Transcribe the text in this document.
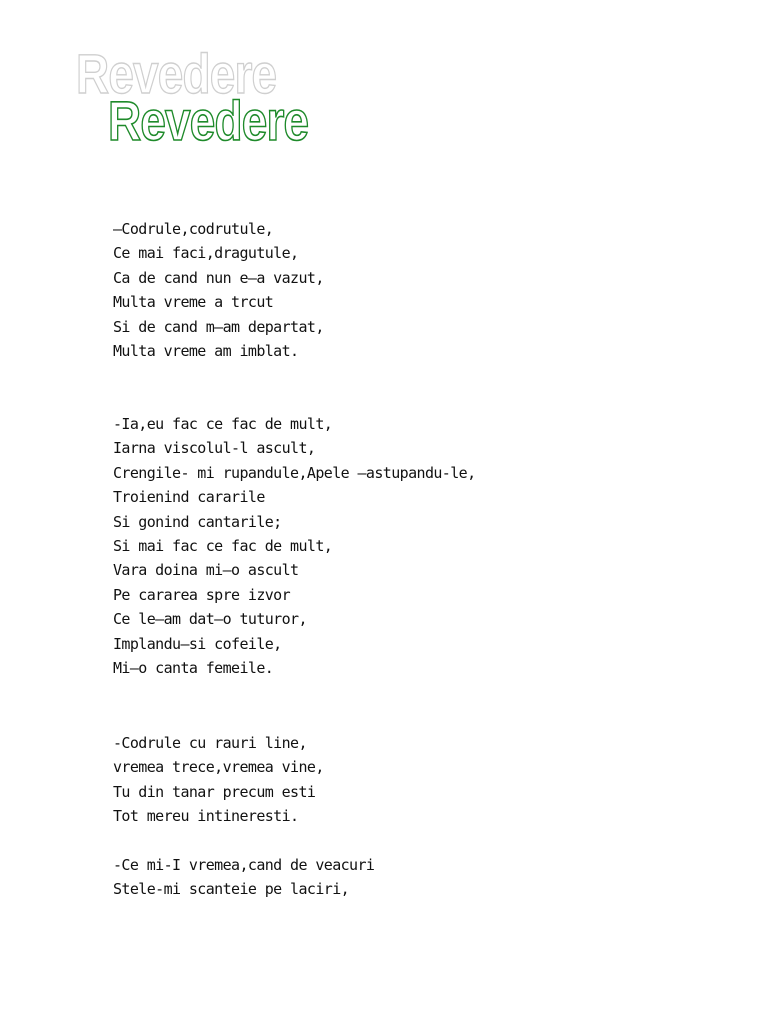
Revedere
Revedere
–Codrule,codrutule,
Ce mai faci,dragutule,
Ca de cand nun e–a vazut,
Multa vreme a trcut
Si de cand m–am departat,
Multa vreme am imblat.
-Ia,eu fac ce fac de mult,
Iarna viscolul-l ascult,
Crengile- mi rupandule,Apele –astupandu-le,
Troienind cararile
Si gonind cantarile;
Si mai fac ce fac de mult,
Vara doina mi–o ascult
Pe cararea spre izvor
Ce le–am dat–o tuturor,
Implandu–si cofeile,
Mi–o canta femeile.
-Codrule cu rauri line,
vremea trece,vremea vine,
Tu din tanar precum esti
Tot mereu intineresti.
-Ce mi-I vremea,cand de veacuri
Stele-mi scanteie pe laciri,
